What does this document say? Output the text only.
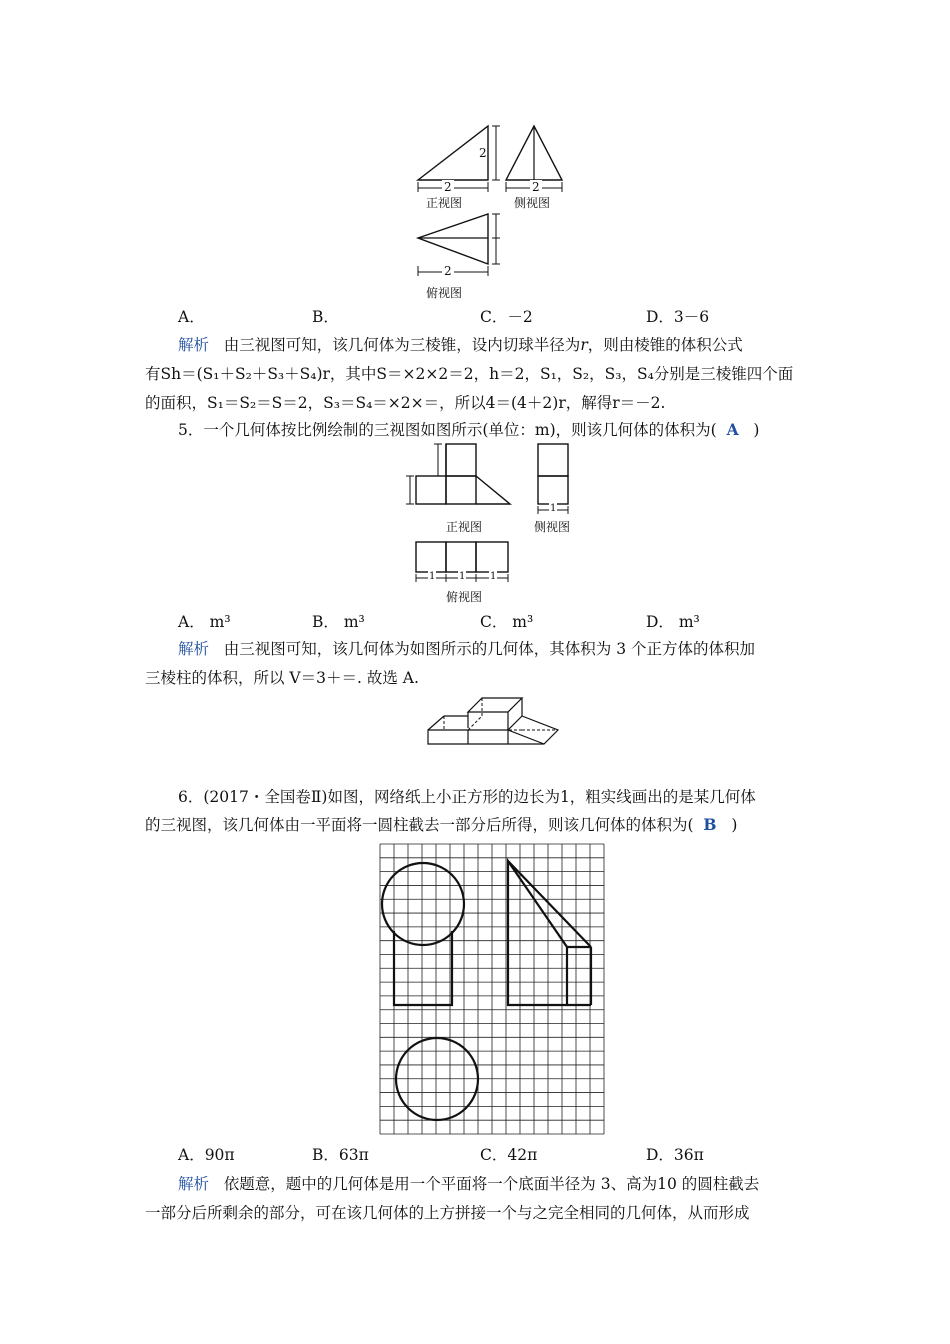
2
2
正视图
2
侧视图
2
俯视图
A．	B．	C．－2	D．3－6
解析 由三视图可知，该几何体为三棱锥，设内切球半径为r，则由棱锥的体积公式
有Sh＝(S₁＋S₂＋S₃＋S₄)r，其中S＝×2×2＝2，h＝2，S₁，S₂，S₃，S₄分别是三棱锥四个面
的面积，S₁＝S₂＝S＝2，S₃＝S₄＝×2×＝，所以4＝(4＋2)r，解得r＝－2.
5．一个几何体按比例绘制的三视图如图所示(单位：m)，则该几何体的体积为( A )
正视图
1
侧视图
1 1 1
俯视图
A． m³	B． m³	C． m³	D． m³
解析 由三视图可知，该几何体为如图所示的几何体，其体积为 3 个正方体的体积加
三棱柱的体积，所以 V＝3＋＝. 故选 A.
6．(2017・全国卷Ⅱ)如图，网络纸上小正方形的边长为1，粗实线画出的是某几何体
的三视图，该几何体由一平面将一圆柱截去一部分后所得，则该几何体的体积为( B )
A．90π	B．63π	C．42π	D．36π
解析 依题意，题中的几何体是用一个平面将一个底面半径为 3、高为10 的圆柱截去
一部分后所剩余的部分，可在该几何体的上方拼接一个与之完全相同的几何体，从而形成
